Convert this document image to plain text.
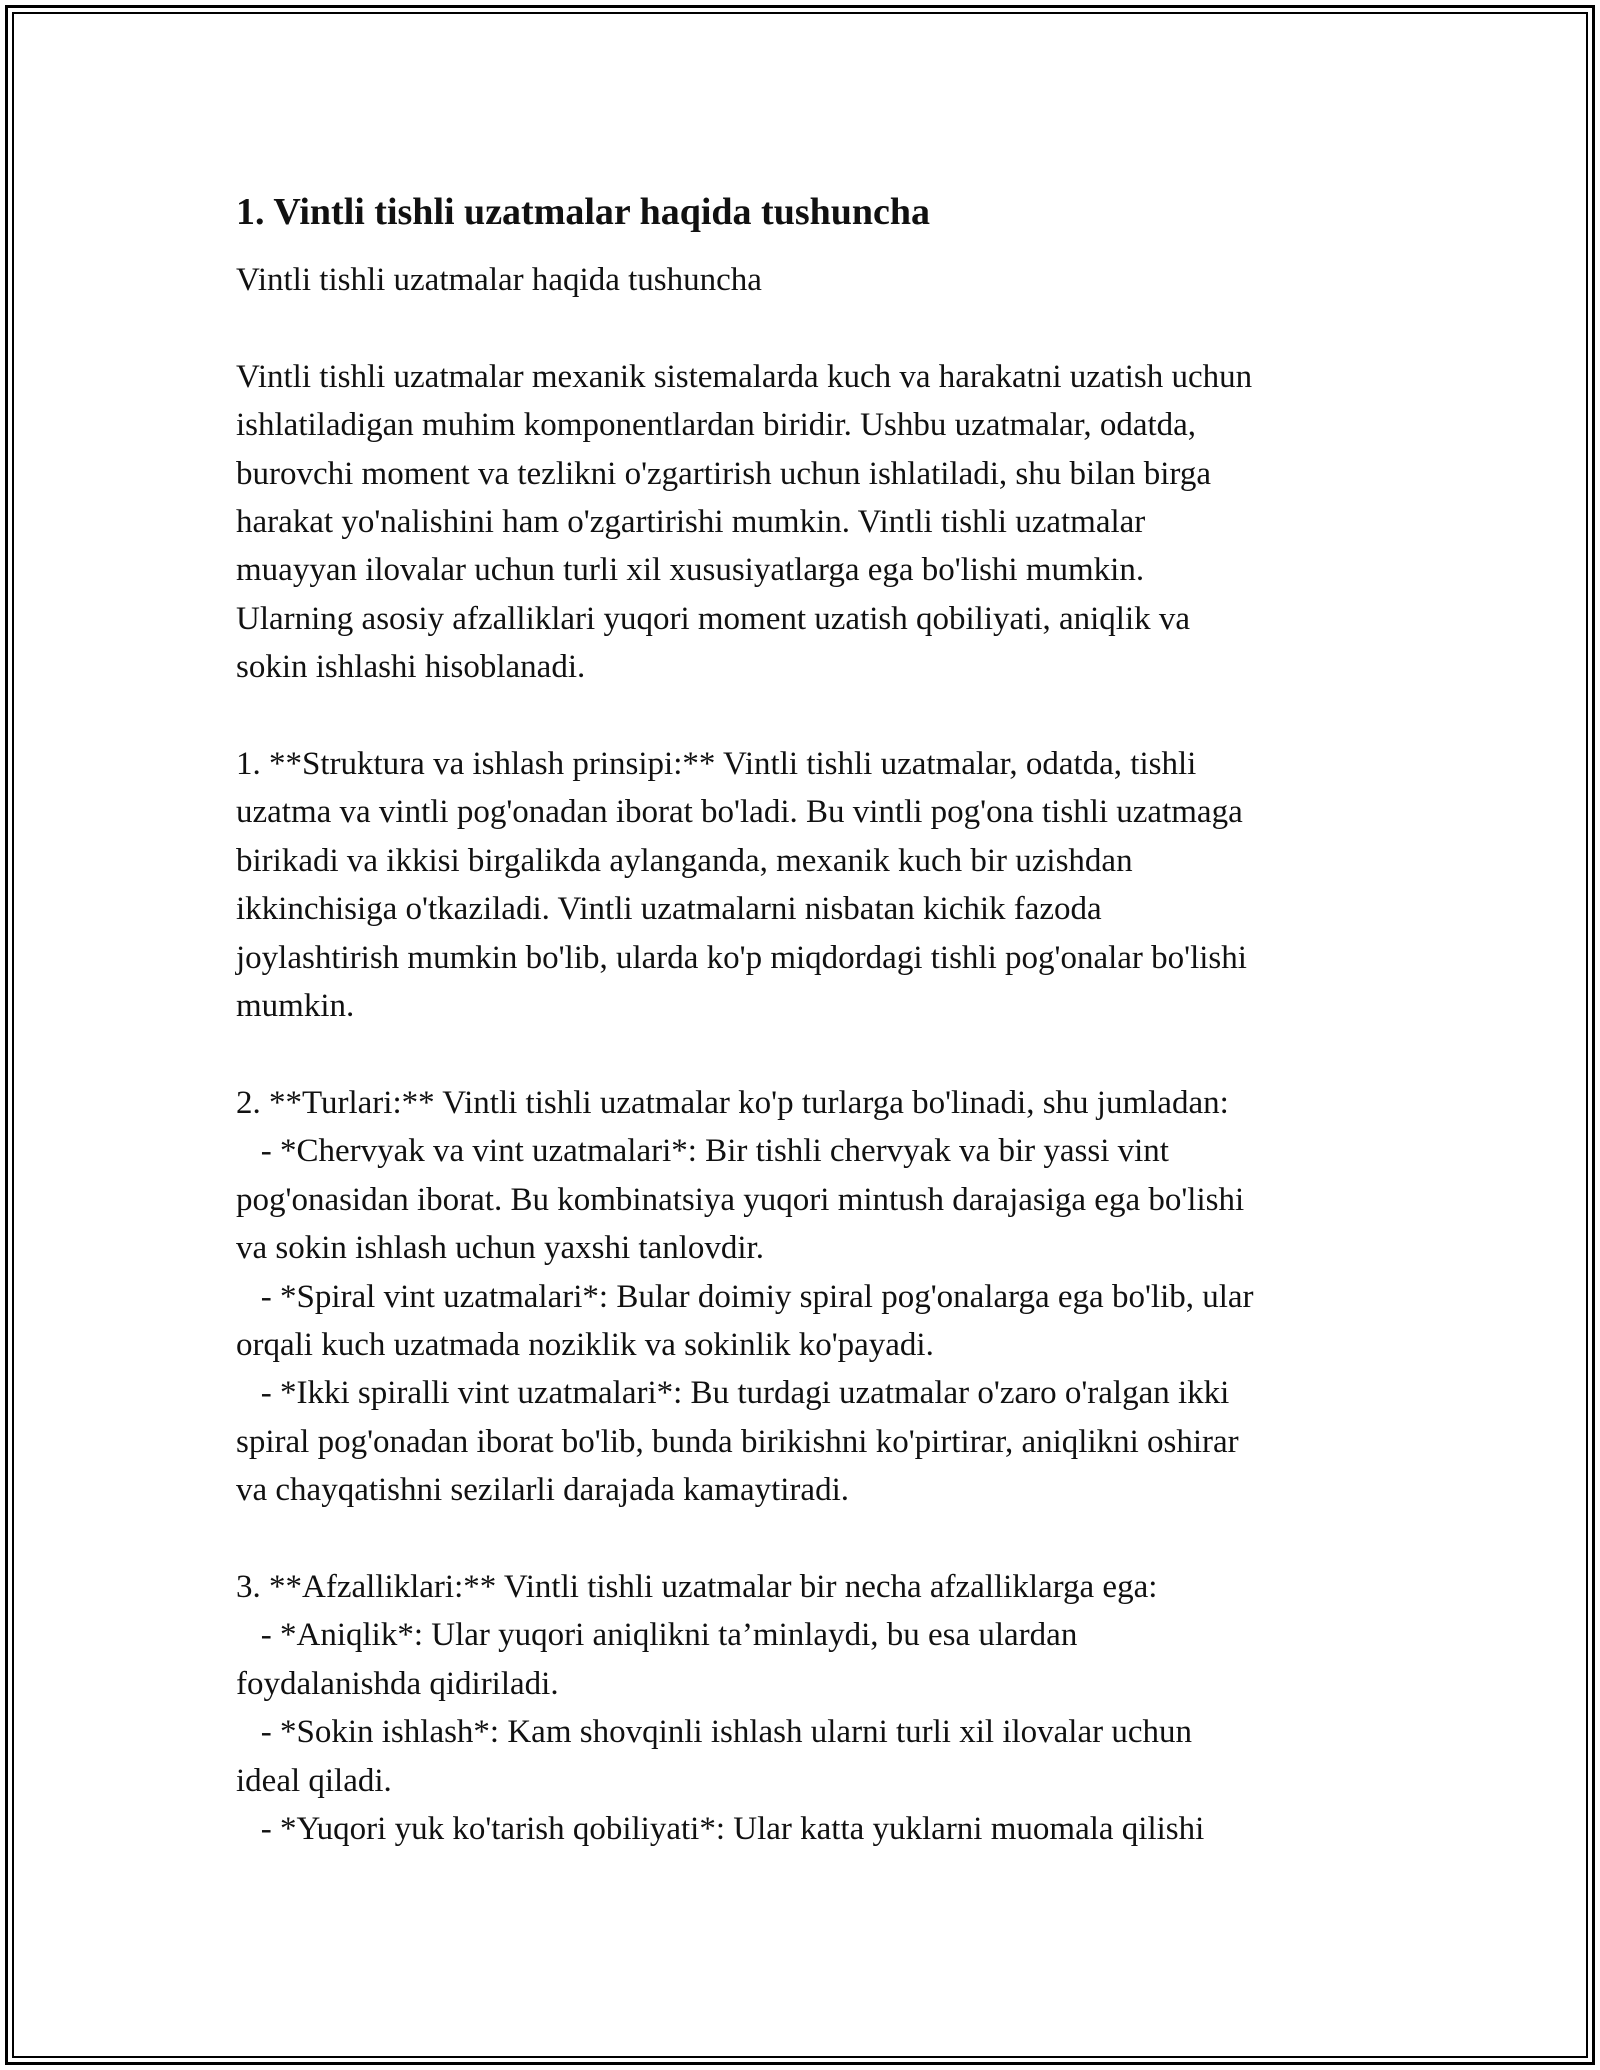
1. Vintli tishli uzatmalar haqida tushuncha

Vintli tishli uzatmalar haqida tushuncha

Vintli tishli uzatmalar mexanik sistemalarda kuch va harakatni uzatish uchun
ishlatiladigan muhim komponentlardan biridir. Ushbu uzatmalar, odatda,
burovchi moment va tezlikni o'zgartirish uchun ishlatiladi, shu bilan birga
harakat yo'nalishini ham o'zgartirishi mumkin. Vintli tishli uzatmalar
muayyan ilovalar uchun turli xil xususiyatlarga ega bo'lishi mumkin.
Ularning asosiy afzalliklari yuqori moment uzatish qobiliyati, aniqlik va
sokin ishlashi hisoblanadi.

1. **Struktura va ishlash prinsipi:** Vintli tishli uzatmalar, odatda, tishli
uzatma va vintli pog'onadan iborat bo'ladi. Bu vintli pog'ona tishli uzatmaga
birikadi va ikkisi birgalikda aylanganda, mexanik kuch bir uzishdan
ikkinchisiga o'tkaziladi. Vintli uzatmalarni nisbatan kichik fazoda
joylashtirish mumkin bo'lib, ularda ko'p miqdordagi tishli pog'onalar bo'lishi
mumkin.

2. **Turlari:** Vintli tishli uzatmalar ko'p turlarga bo'linadi, shu jumladan:
- *Chervyak va vint uzatmalari*: Bir tishli chervyak va bir yassi vint
pog'onasidan iborat. Bu kombinatsiya yuqori mintush darajasiga ega bo'lishi
va sokin ishlash uchun yaxshi tanlovdir.
- *Spiral vint uzatmalari*: Bular doimiy spiral pog'onalarga ega bo'lib, ular
orqali kuch uzatmada noziklik va sokinlik ko'payadi.
- *Ikki spiralli vint uzatmalari*: Bu turdagi uzatmalar o'zaro o'ralgan ikki
spiral pog'onadan iborat bo'lib, bunda birikishni ko'pirtirar, aniqlikni oshirar
va chayqatishni sezilarli darajada kamaytiradi.

3. **Afzalliklari:** Vintli tishli uzatmalar bir necha afzalliklarga ega:
- *Aniqlik*: Ular yuqori aniqlikni ta’minlaydi, bu esa ulardan
foydalanishda qidiriladi.
- *Sokin ishlash*: Kam shovqinli ishlash ularni turli xil ilovalar uchun
ideal qiladi.
- *Yuqori yuk ko'tarish qobiliyati*: Ular katta yuklarni muomala qilishi
